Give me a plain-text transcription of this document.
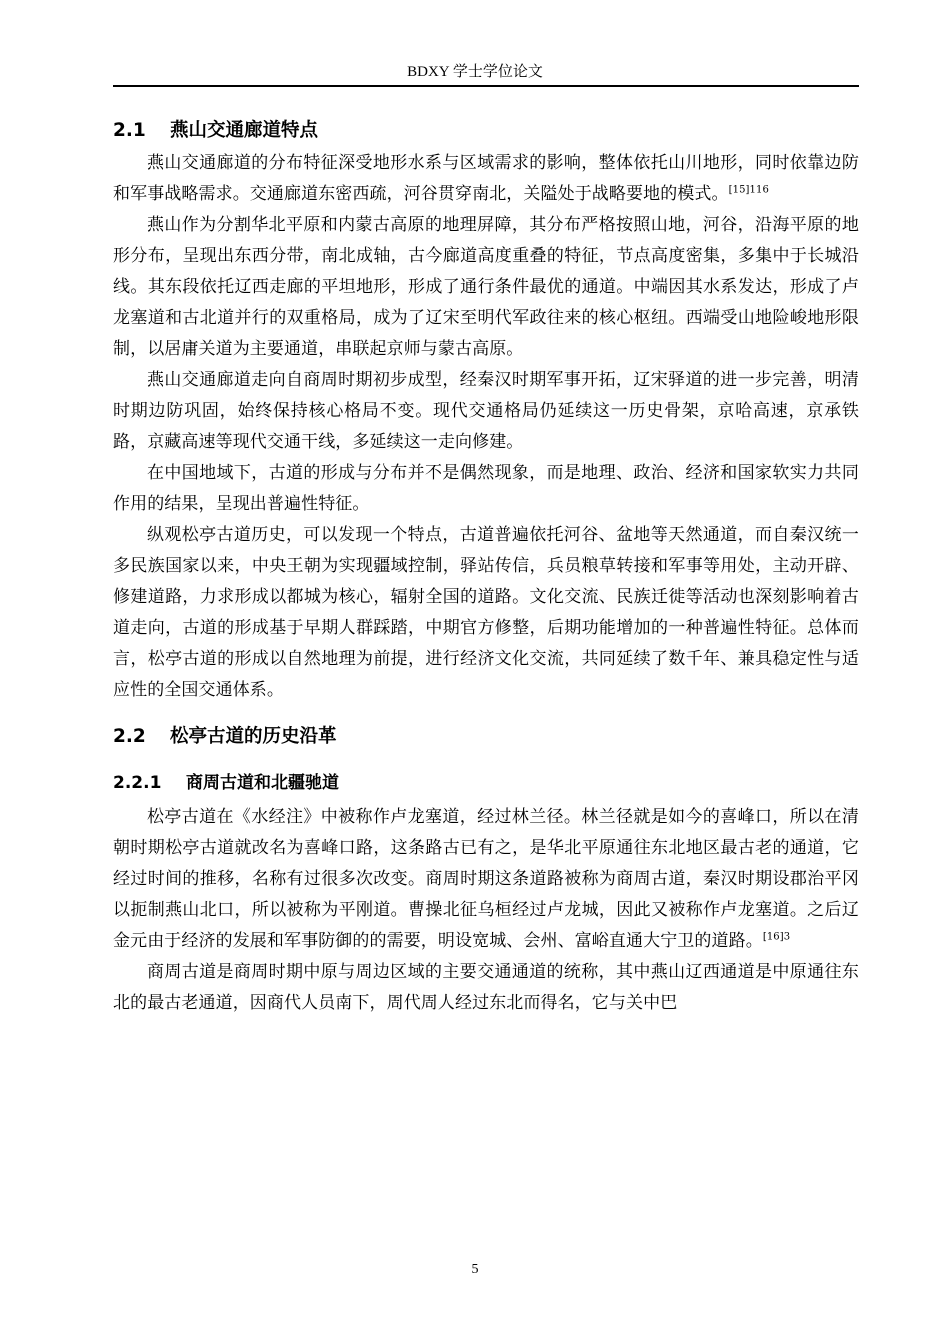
BDXY 学士学位论文
2.1 燕山交通廊道特点

燕山交通廊道的分布特征深受地形水系与区域需求的影响，整体依托山川地形，同时依靠边防和军事战略需求。交通廊道东密西疏，河谷贯穿南北，关隘处于战略要地的模式。$^{[15]116}$

燕山作为分割华北平原和内蒙古高原的地理屏障，其分布严格按照山地，河谷，沿海平原的地形分布，呈现出东西分带，南北成轴，古今廊道高度重叠的特征，节点高度密集，多集中于长城沿线。其东段依托辽西走廊的平坦地形，形成了通行条件最优的通道。中端因其水系发达，形成了卢龙塞道和古北道并行的双重格局，成为了辽宋至明代军政往来的核心枢纽。西端受山地险峻地形限制，以居庸关道为主要通道，串联起京师与蒙古高原。

燕山交通廊道走向自商周时期初步成型，经秦汉时期军事开拓，辽宋驿道的进一步完善，明清时期边防巩固，始终保持核心格局不变。现代交通格局仍延续这一历史骨架，京哈高速，京承铁路，京藏高速等现代交通干线，多延续这一走向修建。

在中国地域下，古道的形成与分布并不是偶然现象，而是地理、政治、经济和国家软实力共同作用的结果，呈现出普遍性特征。

纵观松亭古道历史，可以发现一个特点，古道普遍依托河谷、盆地等天然通道，而自秦汉统一多民族国家以来，中央王朝为实现疆域控制，驿站传信，兵员粮草转接和军事等用处，主动开辟、修建道路，力求形成以都城为核心，辐射全国的道路。文化交流、民族迁徙等活动也深刻影响着古道走向，古道的形成基于早期人群踩踏，中期官方修整，后期功能增加的一种普遍性特征。总体而言，松亭古道的形成以自然地理为前提，进行经济文化交流，共同延续了数千年、兼具稳定性与适应性的全国交通体系。

2.2 松亭古道的历史沿革
2.2.1 商周古道和北疆驰道

松亭古道在《水经注》中被称作卢龙塞道，经过林兰径。林兰径就是如今的喜峰口，所以在清朝时期松亭古道就改名为喜峰口路，这条路古已有之，是华北平原通往东北地区最古老的通道，它经过时间的推移，名称有过很多次改变。商周时期这条道路被称为商周古道，秦汉时期设郡治平冈以扼制燕山北口，所以被称为平刚道。曹操北征乌桓经过卢龙城，因此又被称作卢龙塞道。之后辽金元由于经济的发展和军事防御的的需要，明设宽城、会州、富峪直通大宁卫的道路。$^{[16]3}$

商周古道是商周时期中原与周边区域的主要交通通道的统称，其中燕山辽西通道是中原通往东北的最古老通道，因商代人员南下，周代周人经过东北而得名，它与关中巴

5
